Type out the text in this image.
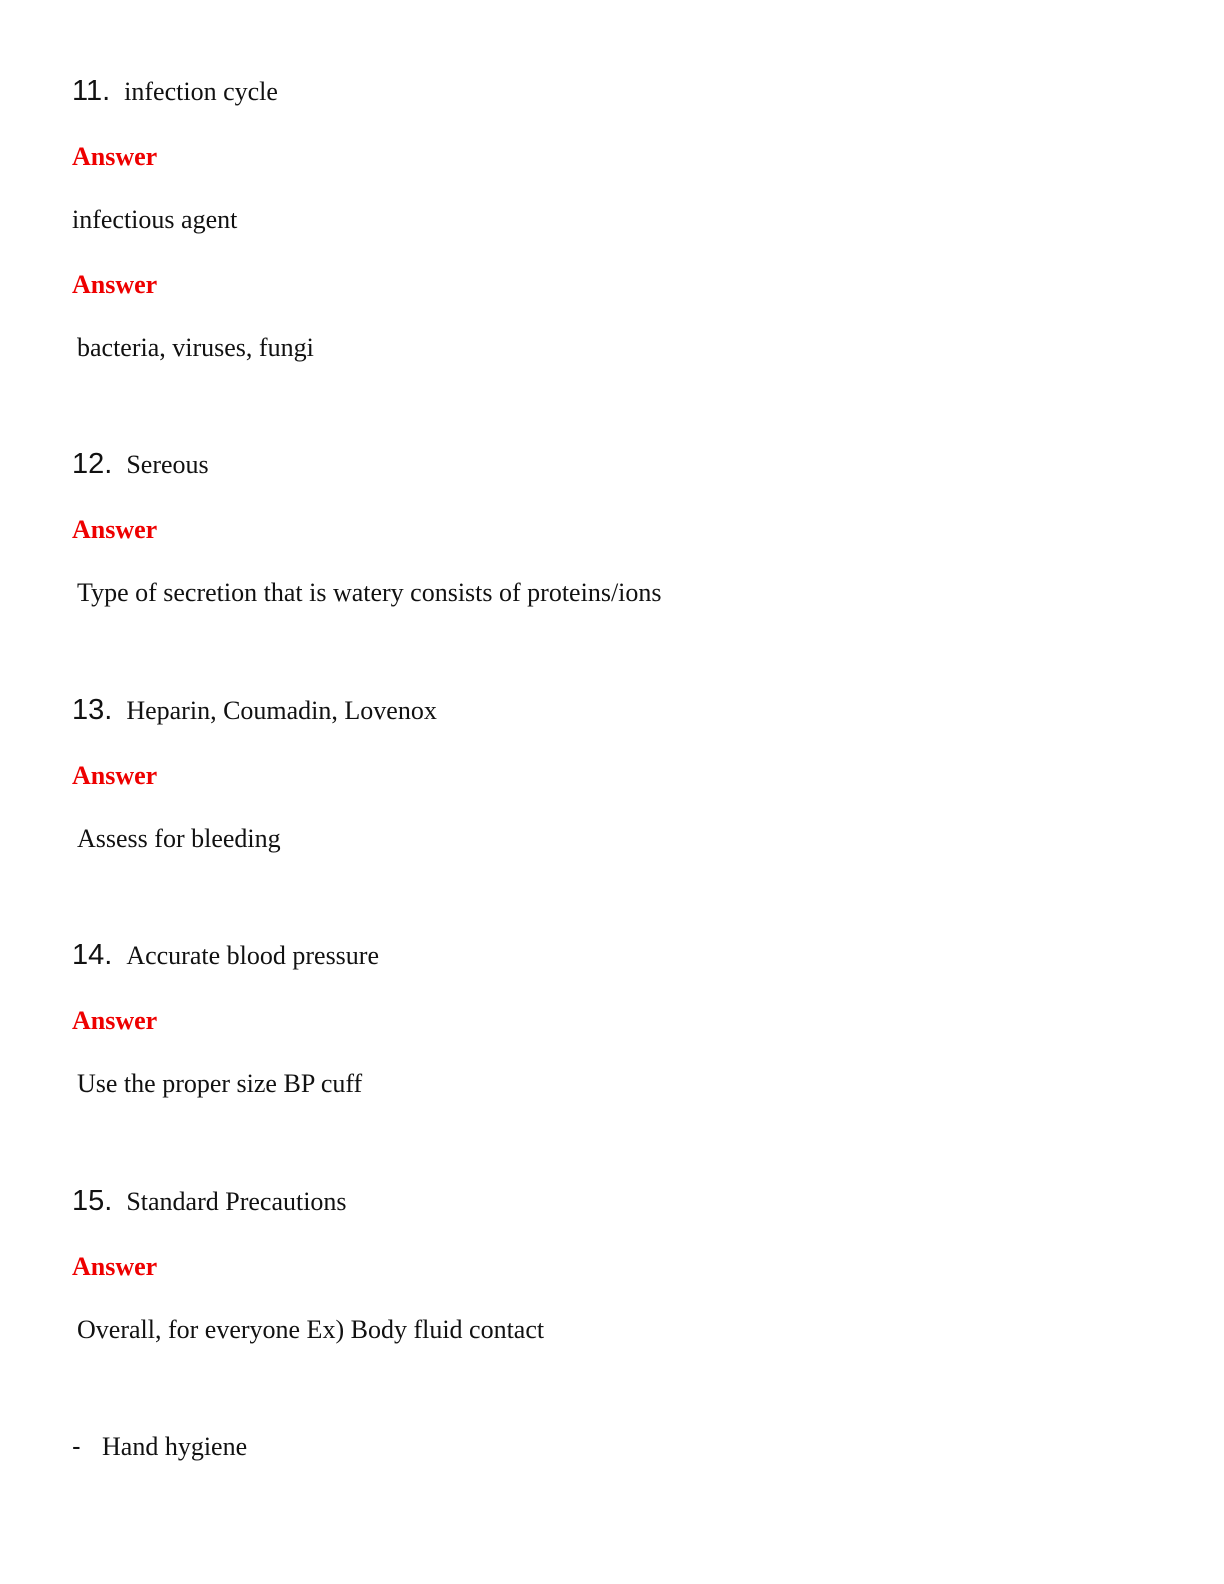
11. infection cycle
Answer
infectious agent
Answer
bacteria, viruses, fungi
12. Sereous
Answer
Type of secretion that is watery consists of proteins/ions
13. Heparin, Coumadin, Lovenox
Answer
Assess for bleeding
14. Accurate blood pressure
Answer
Use the proper size BP cuff
15. Standard Precautions
Answer
Overall, for everyone Ex) Body fluid contact
- Hand hygiene
